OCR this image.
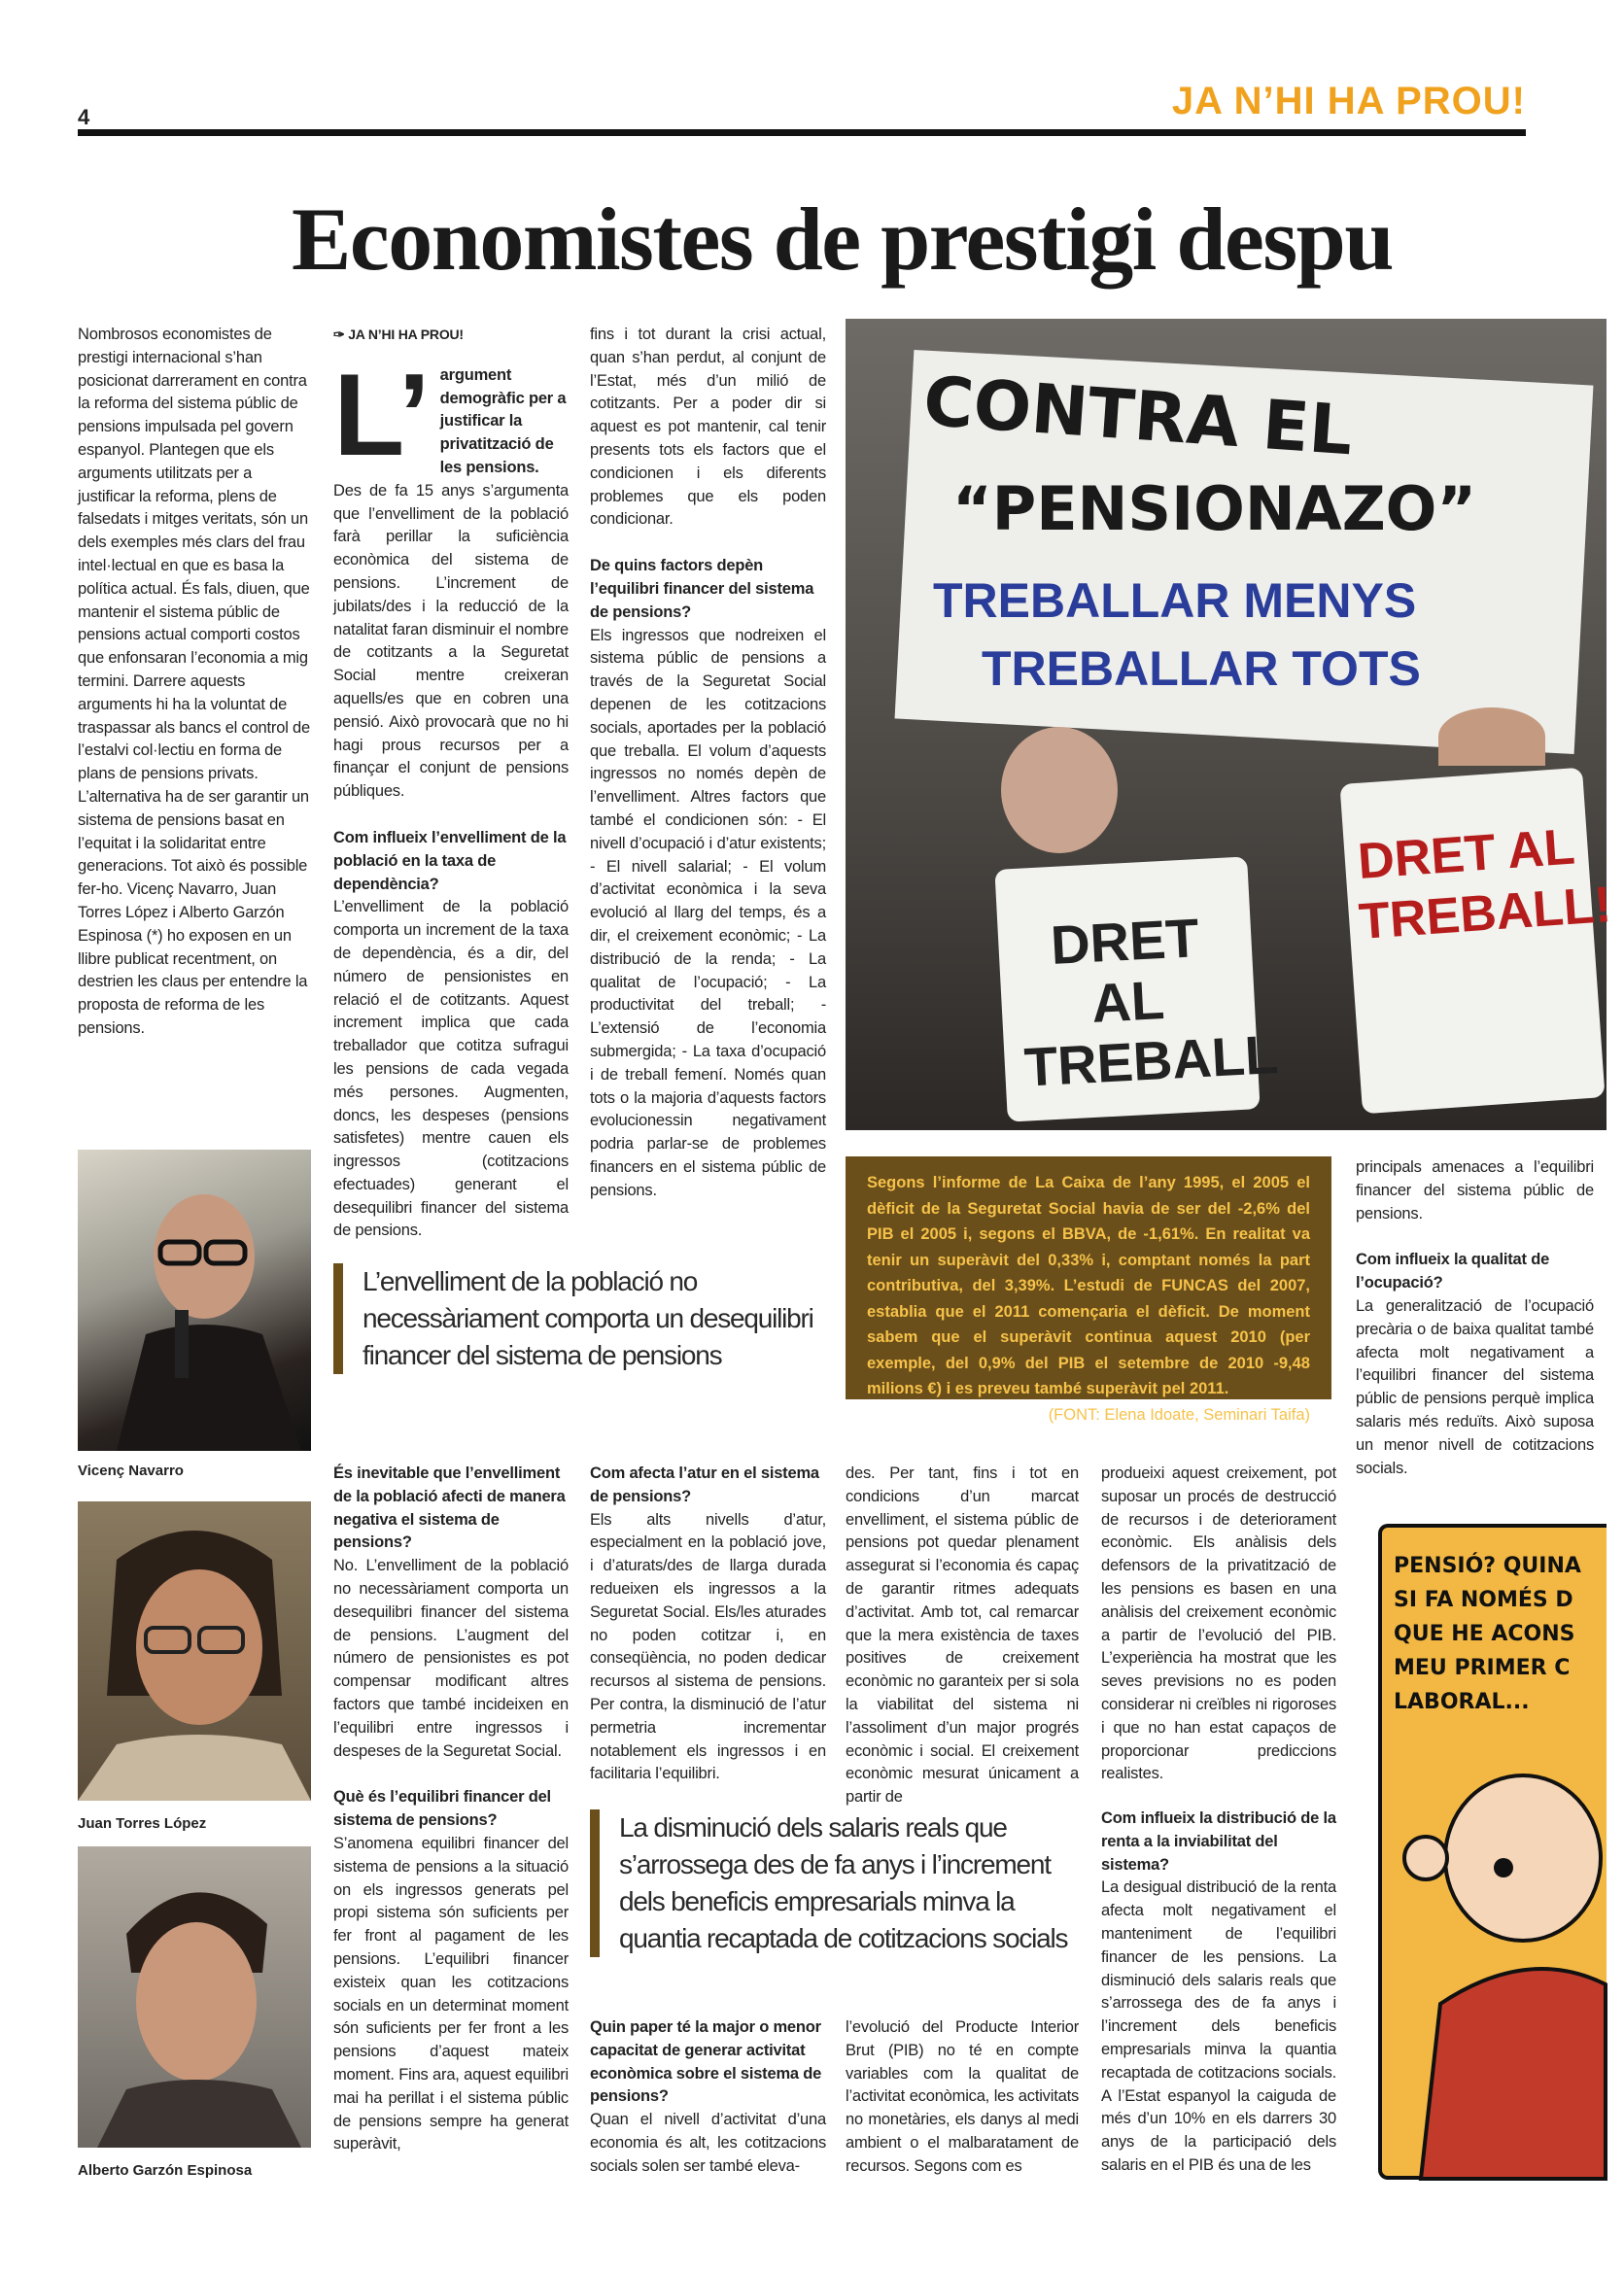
4	JA N’HI HA PROU!
Economistes de prestigi despu
Nombrosos economistes de prestigi internacional s’han posicionat darrerament en contra la reforma del sistema públic de pensions impulsada pel govern espanyol. Plantegen que els arguments utilitzats per a justificar la reforma, plens de falsedats i mitges veritats, són un dels exemples més clars del frau intel·lectual en que es basa la política actual. És fals, diuen, que mantenir el sistema públic de pensions actual comporti costos que enfonsaran l’economia a mig termini. Darrere aquests arguments hi ha la voluntat de traspassar als bancs el control de l’estalvi col·lectiu en forma de plans de pensions privats. L’alternativa ha de ser garantir un sistema de pensions basat en l’equitat i la solidaritat entre generacions. Tot això és possible fer-ho. Vicenç Navarro, Juan Torres López i Alberto Garzón Espinosa (*) ho exposen en un llibre publicat recentment, on destrien les claus per entendre la proposta de reforma de les pensions.
Vicenç Navarro
Juan Torres López
Alberto Garzón Espinosa
✑ JA N’HI HA PROU!
L’ argument demogràfic per a justificar la privatització de les pensions.

Des de fa 15 anys s’argumenta que l’envelliment de la població farà perillar la suficiència econòmica del sistema de pensions. L’increment de jubilats/des i la reducció de la natalitat faran disminuir el nombre de cotitzants a la Seguretat Social mentre creixeran aquells/es que en cobren una pensió. Això provocarà que no hi hagi prous recursos per a finançar el conjunt de pensions públiques.

Com influeix l’envelliment de la població en la taxa de dependència?

L’envelliment de la població comporta un increment de la taxa de dependència, és a dir, del número de pensionistes en relació el de cotitzants. Aquest increment implica que cada treballador que cotitza sufragui les pensions de cada vegada més persones. Augmenten, doncs, les despeses (pensions satisfetes) mentre cauen els ingressos (cotitzacions efectuades) generant el desequilibri financer del sistema de pensions.

fins i tot durant la crisi actual, quan s’han perdut, al conjunt de l’Estat, més d’un milió de cotitzants. Per a poder dir si aquest es pot mantenir, cal tenir presents tots els factors que el condicionen i els diferents problemes que els poden condicionar.

De quins factors depèn l’equilibri financer del sistema de pensions?

Els ingressos que nodreixen el sistema públic de pensions a través de la Seguretat Social depenen de les cotitzacions socials, aportades per la població que treballa. El volum d’aquests ingressos no només depèn de l’envelliment. Altres factors que també el condicionen són: - El nivell d’ocupació i d’atur existents; - El nivell salarial; - El volum d’activitat econòmica i la seva evolució al llarg del temps, és a dir, el creixement econòmic; - La distribució de la renda; - La qualitat de l’ocupació; - La productivitat del treball; - L’extensió de l’economia submergida; - La taxa d’ocupació i de treball femení. Només quan tots o la majoria d’aquests factors evolucionessin negativament podria parlar-se de problemes financers en el sistema públic de pensions.

CONTRA EL
“PENSIONAZO”
TREBALLAR MENYS
TREBALLAR TOTS
DRET AL TREBALL
DRET AL TREBALL!
Segons l’informe de La Caixa de l’any 1995, el 2005 el dèficit de la Seguretat Social havia de ser del -2,6% del PIB el 2005 i, segons el BBVA, de -1,61%. En realitat va tenir un superàvit del 0,33% i, comptant només la part contributiva, del 3,39%. L’estudi de FUNCAS del 2007, establia que el 2011 començaria el dèficit. De moment sabem que el superàvit continua aquest 2010 (per exemple, del 0,9% del PIB el setembre de 2010 -9,48 milions €) i es preveu també superàvit pel 2011.
(FONT: Elena Idoate, Seminari Taifa)

principals amenaces a l’equilibri financer del sistema públic de pensions.

Com influeix la qualitat de l’ocupació?

La generalització de l’ocupació precària o de baixa qualitat també afecta molt negativament a l’equilibri financer del sistema públic de pensions perquè implica salaris més reduïts. Això suposa un menor nivell de cotitzacions socials.

L’envelliment de la població no necessàriament comporta un desequilibri financer del sistema de pensions
La disminució dels salaris reals que s’arrossega des de fa anys i l’increment dels beneficis empresarials minva la quantia recaptada de cotitzacions socials
És inevitable que l’envelliment de la població afecti de manera negativa el sistema de pensions?

No. L’envelliment de la població no necessàriament comporta un desequilibri financer del sistema de pensions. L’augment del número de pensionistes es pot compensar modificant altres factors que també incideixen en l’equilibri entre ingressos i despeses de la Seguretat Social.

Què és l’equilibri financer del sistema de pensions?

S’anomena equilibri financer del sistema de pensions a la situació on els ingressos generats pel propi sistema són suficients per fer front al pagament de les pensions. L’equilibri financer existeix quan les cotitzacions socials en un determinat moment són suficients per fer front a les pensions d’aquest mateix moment. Fins ara, aquest equilibri mai ha perillat i el sistema públic de pensions sempre ha generat superàvit,

Com afecta l’atur en el sistema de pensions?

Els alts nivells d’atur, especialment en la població jove, i d’aturats/des de llarga durada redueixen els ingressos a la Seguretat Social. Els/les aturades no poden cotitzar i, en conseqüència, no poden dedicar recursos al sistema de pensions. Per contra, la disminució de l’atur permetria incrementar notablement els ingressos i en facilitaria l’equilibri.

Quin paper té la major o menor capacitat de generar activitat econòmica sobre el sistema de pensions?

Quan el nivell d’activitat d’una economia és alt, les cotitzacions socials solen ser també eleva-

des. Per tant, fins i tot en condicions d’un marcat envelliment, el sistema públic de pensions pot quedar plenament assegurat si l’economia és capaç de garantir ritmes adequats d’activitat. Amb tot, cal remarcar que la mera existència de taxes positives de creixement econòmic no garanteix per si sola la viabilitat del sistema ni l’assoliment d’un major progrés econòmic i social. El creixement econòmic mesurat únicament a partir de
l’evolució del Producte Interior Brut (PIB) no té en compte variables com la qualitat de l’activitat econòmica, les activitats no monetàries, els danys al medi ambient o el malbaratament de recursos. Segons com es
produeixi aquest creixement, pot suposar un procés de destrucció de recursos i de deteriorament econòmic. Els anàlisis dels defensors de la privatització de les pensions es basen en una anàlisis del creixement econòmic a partir de l’evolució del PIB. L’experiència ha mostrat que les seves previsions no es poden considerar ni creïbles ni rigoroses i que no han estat capaços de proporcionar prediccions realistes.
Com influeix la distribució de la renta a la inviabilitat del sistema?

La desigual distribució de la renta afecta molt negativament el manteniment de l’equilibri financer de les pensions. La disminució dels salaris reals que s’arrossega des de fa anys i l’increment dels beneficis empresarials minva la quantia recaptada de cotitzacions socials. A l’Estat espanyol la caiguda de més d’un 10% en els darrers 30 anys de la participació dels salaris en el PIB és una de les

PENSIÓ? QUINA
SI FA NOMÉS D
QUE HE ACONS
MEU PRIMER C
LABORAL...
